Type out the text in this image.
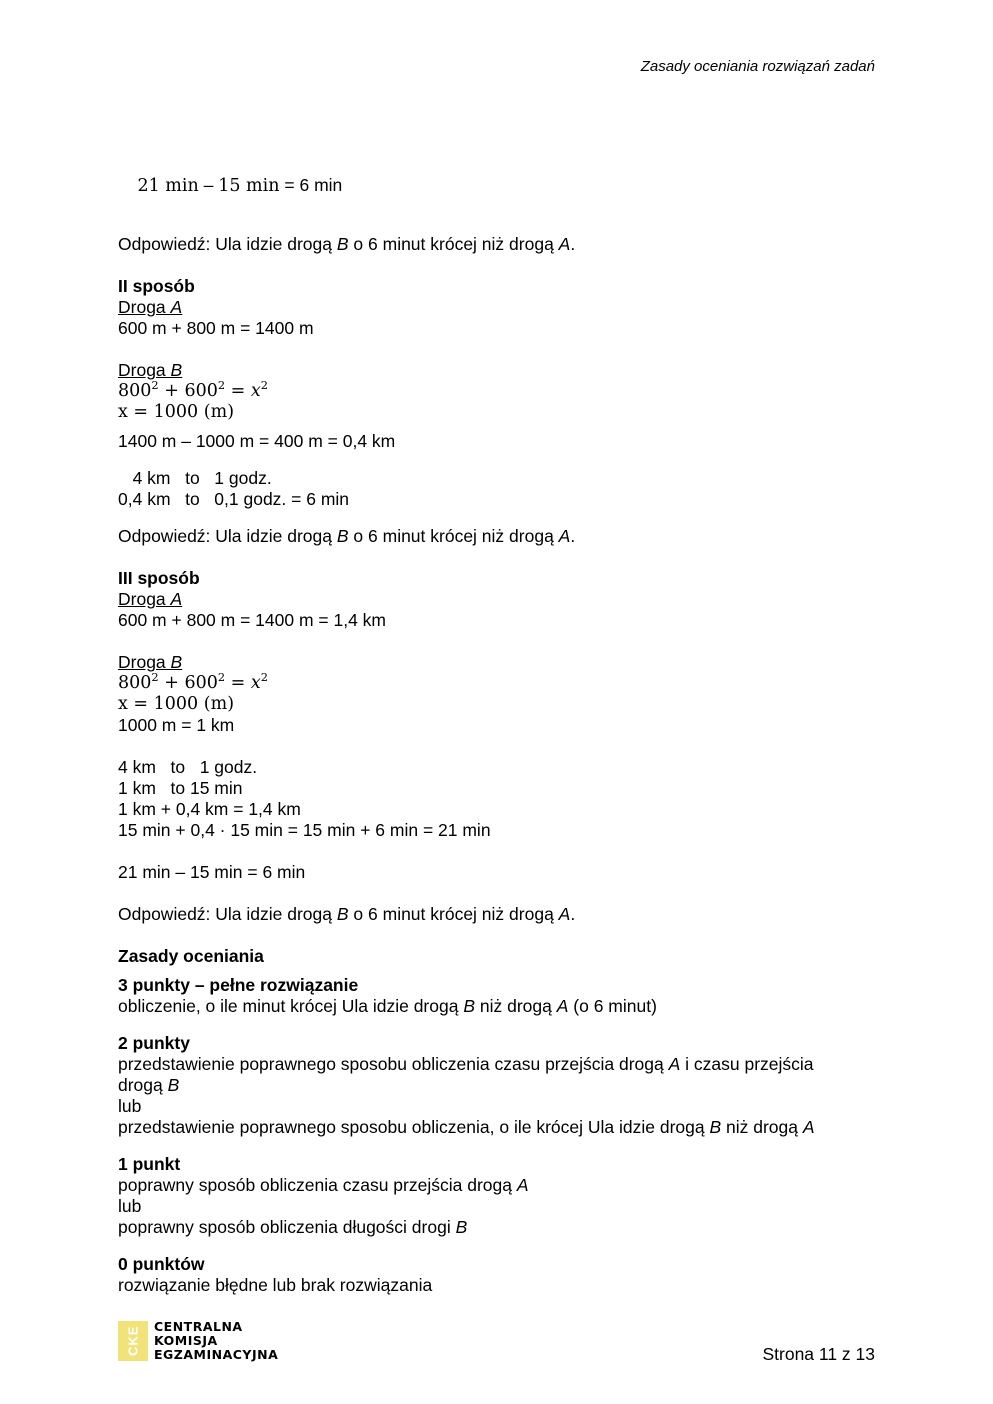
Zasady oceniania rozwiązań zadań

21 min – 15 min = 6 min

Odpowiedź: Ula idzie drogą B o 6 minut krócej niż drogą A.
II sposób
Droga A
600 m + 800 m = 1400 m
Droga B
$800^2 + 600^2 = x^2$
x = 1000 (m)
1400 m – 1000 m = 400 m = 0,4 km
4 km   to   1 godz.
0,4 km   to   0,1 godz. = 6 min
Odpowiedź: Ula idzie drogą B o 6 minut krócej niż drogą A.
III sposób
Droga A
600 m + 800 m = 1400 m = 1,4 km
Droga B
$800^2 + 600^2 = x^2$
x = 1000 (m)
1000 m = 1 km
4 km   to   1 godz.
1 km   to 15 min
1 km + 0,4 km = 1,4 km
15 min + 0,4 · 15 min = 15 min + 6 min = 21 min
21 min – 15 min = 6 min
Odpowiedź: Ula idzie drogą B o 6 minut krócej niż drogą A.
Zasady oceniania
3 punkty – pełne rozwiązanie
obliczenie, o ile minut krócej Ula idzie drogą B niż drogą A (o 6 minut)
2 punkty
przedstawienie poprawnego sposobu obliczenia czasu przejścia drogą A i czasu przejścia
drogą B
lub
przedstawienie poprawnego sposobu obliczenia, o ile krócej Ula idzie drogą B niż drogą A
1 punkt
poprawny sposób obliczenia czasu przejścia drogą A
lub
poprawny sposób obliczenia długości drogi B
0 punktów
rozwiązanie błędne lub brak rozwiązania
CKE	CENTRALNA
KOMISJA
EGZAMINACYJNA	Strona 11 z 13
